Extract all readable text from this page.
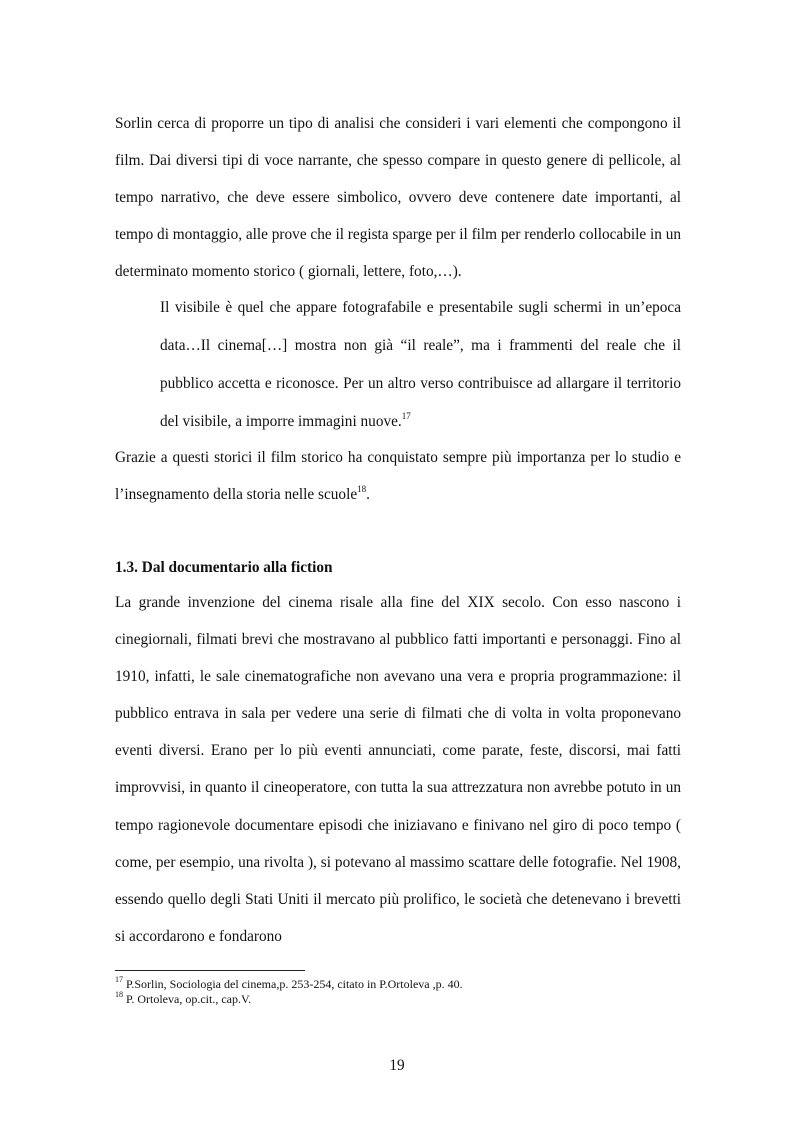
Sorlin cerca di proporre un tipo di analisi che consideri i vari elementi che compongono il film. Dai diversi tipi di voce narrante, che spesso compare in questo genere di pellicole, al tempo narrativo, che deve essere simbolico, ovvero deve contenere date importanti, al tempo di montaggio, alle prove che il regista sparge per il film per renderlo collocabile in un determinato momento storico ( giornali, lettere, foto,…).

Il visibile è quel che appare fotografabile e presentabile sugli schermi in un’epoca data…Il cinema[…] mostra non già “il reale”, ma i frammenti del reale che il pubblico accetta e riconosce. Per un altro verso contribuisce ad allargare il territorio del visibile, a imporre immagini nuove.$^{17}$

Grazie a questi storici il film storico ha conquistato sempre più importanza per lo studio e l’insegnamento della storia nelle scuole$^{18}$.

1.3. Dal documentario alla fiction

La grande invenzione del cinema risale alla fine del XIX secolo. Con esso nascono i cinegiornali, filmati brevi che mostravano al pubblico fatti importanti e personaggi. Fino al 1910, infatti, le sale cinematografiche non avevano una vera e propria programmazione: il pubblico entrava in sala per vedere una serie di filmati che di volta in volta proponevano eventi diversi. Erano per lo più eventi annunciati, come parate, feste, discorsi, mai fatti improvvisi, in quanto il cineoperatore, con tutta la sua attrezzatura non avrebbe potuto in un tempo ragionevole documentare episodi che iniziavano e finivano nel giro di poco tempo ( come, per esempio, una rivolta ), si potevano al massimo scattare delle fotografie. Nel 1908, essendo quello degli Stati Uniti il mercato più prolifico, le società che detenevano i brevetti si accordarono e fondarono

$^{17}$ P.Sorlin, Sociologia del cinema,p. 253-254, citato in P.Ortoleva ,p. 40.
$^{18}$ P. Ortoleva, op.cit., cap.V.
19
